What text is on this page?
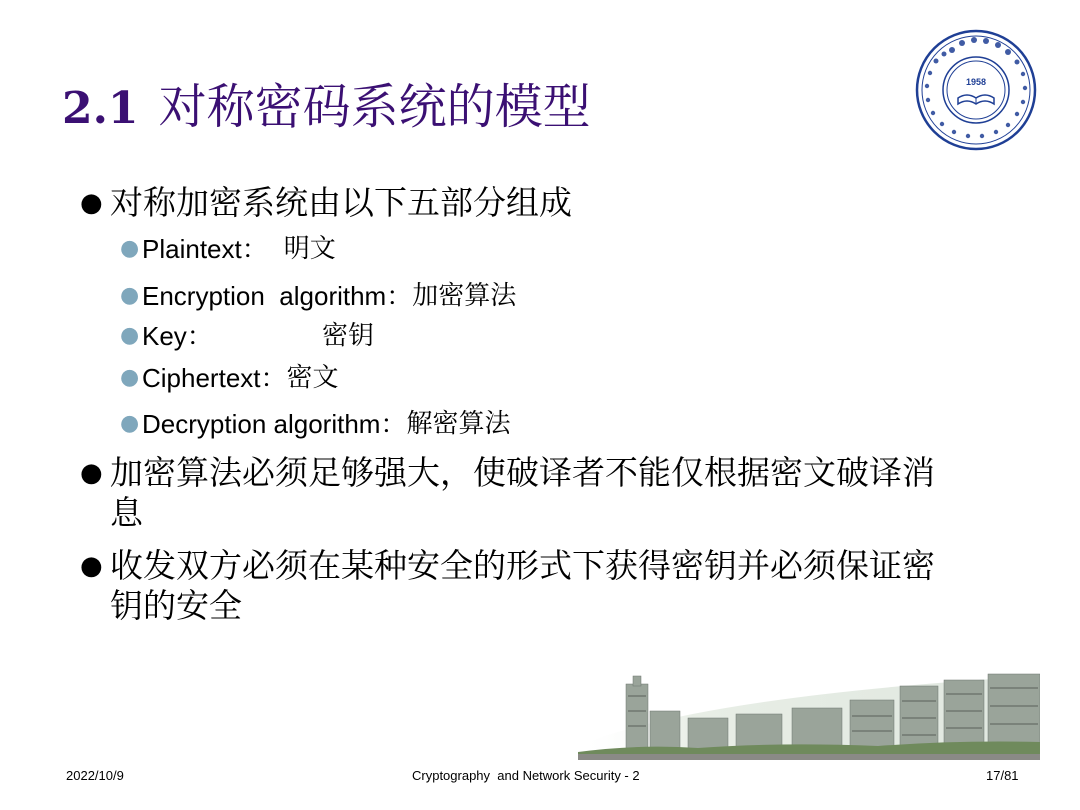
2.1 对称密码系统的模型	1958
● 对称加密系统由以下五部分组成
● Plaintext： 明文
● Encryption  algorithm： 加密算法
● Key：	密钥
● Ciphertext： 密文
● Decryption algorithm： 解密算法
● 加密算法必须足够强大，使破译者不能仅根据密文破译消息
● 收发双方必须在某种安全的形式下获得密钥并必须保证密钥的安全
2022/10/9	Cryptography  and Network Security - 2	17/81
